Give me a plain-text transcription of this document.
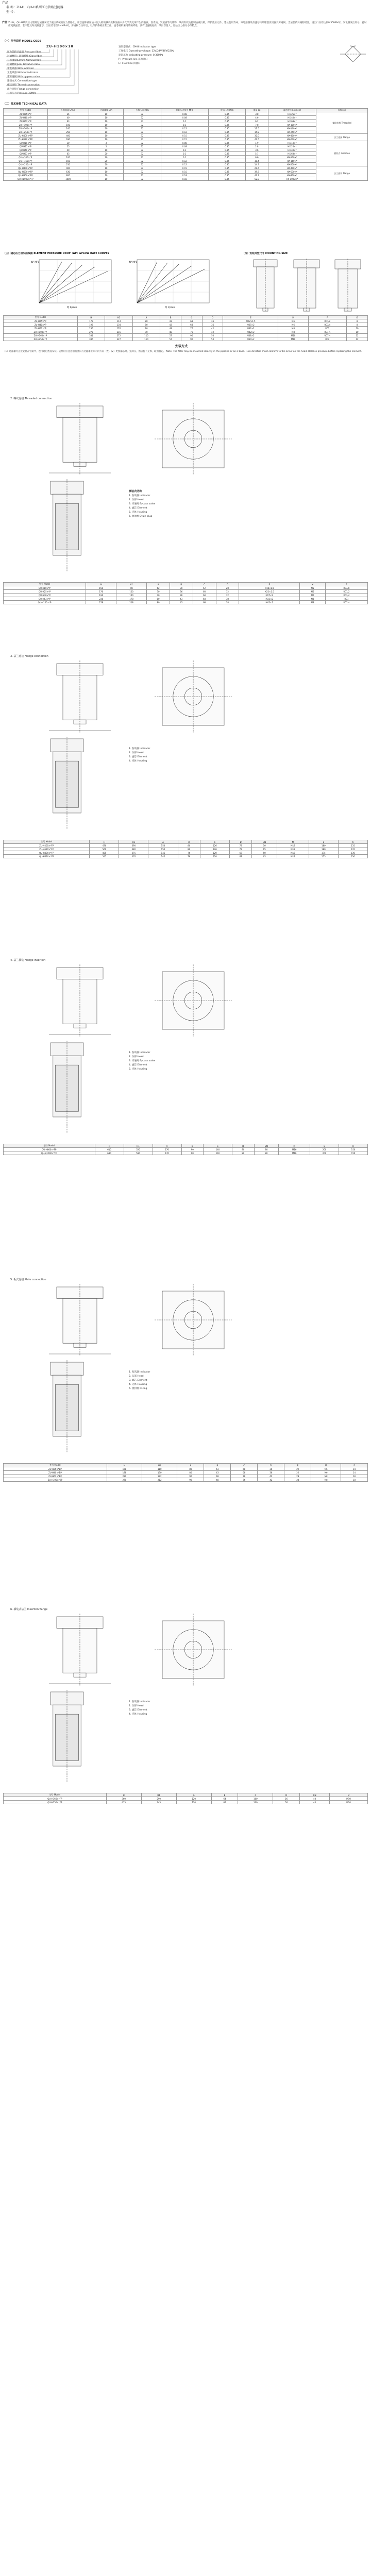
产品
名 称：ZU-H、QU-H系列压力管路过滤器
型 号：
产品：
ZU-H、QU-H系列压力管路过滤器安装于液压系统的压力管路上，用以滤除液压油中混入的机械杂质和油液本身化学变化所产生的胶质、沥青质、炭渣质等污染物，从而有效地控制油液污染，保护液压元件，延长使用寿命。该过滤器设有滤芯污染堵塞发讯器及旁通阀，当滤芯被污染物堵塞，进出口压差达到0.35MPa时，发讯器发出讯号，此时应更换滤芯；若不能及时更换滤芯，当压差增至0.4MPa时，旁通阀自动开启，以保护系统正常工作。滤芯材料采用玻璃纤维，具有过滤精度高、纳污容量大、原始压力损失小等特点。
（一）型号说明 MODEL CODE
ZU-H100×10
压力管路过滤器 Pressure filter
过滤材料：玻璃纤维 Glass fiber
公称流量(L/min) Nominal flow
过滤精度(μm) Filtration ratio
带发讯器 With indicator
无发讯器 Without indicator
带旁通阀 With by-pass valve
连接方式 Connection type
螺纹连接 Thread connection
法兰连接 Flange connection
公称压力 Pressure 32MPa
发讯器型式：CM-Ⅲ Indicator type
工作电压 Operating voltage: 12V/24V/36V/220V
发讯压力 Indicating pressure: 0.35MPa
P：Pressure line 压力油口
L：Flow line 回油口
（二）技术参数 TECHNICAL DATA
型号 Model	公称流量 L/min	过滤精度 μm	公称压力 MPa	原始压力损失 MPa	发讯压力 MPa	重量 kg	滤芯型号 Element	连接方式
ZU-H25×*P	25	10	32	0.08	0.35	3.8	HX-25×*	螺纹连接 Threaded
ZU-H40×*P	40	10	32	0.08	0.35	4.6	HX-40×*	
ZU-H63×*P	63	10	32	0.1	0.35	6.2	HX-63×*	
ZU-H100×*P	100	10	32	0.1	0.35	7.8	HX-100×*	
ZU-H160×*P	160	10	32	0.12	0.35	11.5	HX-160×*	
ZU-H250×*P	250	10	32	0.12	0.35	15.8	HX-250×*	
ZU-H400×*FP	400	10	32	0.15	0.35	32.0	HX-400×*	法兰连接 Flange
ZU-H630×*FP	630	10	32	0.15	0.35	42.5	HX-630×*	
QU-H10×*P	10	3	32	0.08	0.35	1.9	HX-10×*	插装式 Insertion
QU-H25×*P	25	5	32	0.08	0.35	2.8	HX-25×*	
QU-H40×*P	40	10	32	0.1	0.35	3.6	HX-40×*	
QU-H63×*P	63	20	32	0.1	0.35	5.1	HX-63×*	
QU-H100×*P	100	20	32	0.1	0.35	6.6	HX-100×*	
QU-H160×*P	160	20	32	0.12	0.35	10.4	HX-160×*	
QU-H250×*P	250	20	32	0.12	0.35	14.3	HX-250×*	
QU-H400×*FP	400	10	32	0.15	0.35	29.6	HX-400×*	法兰插装 Flange
QU-H630×*FP	630	10	32	0.15	0.35	39.8	HX-630×*	
QU-H800×*FP	800	10	32	0.18	0.35	46.2	HX-800×*	
QU-H1000×*FP	1000	10	32	0.18	0.35	52.0	HX-1000×*	
（三）滤芯压力损失曲线图 ELEMENT PRESSURE DROP（ΔP）&FLOW RATE CURVES	（四）安装外型尺寸 MOUNTING SIZE
Q L/min
ΔP MPa
Q L/min
ΔP MPa
型号 Model	H	H1	A	B	C	D	E	M	F	G
ZU-H25×*P	173	114	80	43	68	36	M22×1.5	M6	RC1/2	8
ZU-H40×*P	193	134	80	43	68	36	M27×2	M6	RC3/4	8
ZU-H63×*P	235	176	90	48	76	42	M33×2	M8	RC1	10
ZU-H100×*P	275	216	90	48	76	42	M42×2	M8	RC1¼	10
ZU-H160×*P	331	272	110	57	90	50	M48×2	M10	RC1½	12
ZU-H250×*P	386	327	110	57	90	50	M60×2	M10	RC2	12
安装方式
（1）过滤器可直接安装在管路中，也可通过底座安装。安装时应注意油液流向与过滤器上标示的方向一致。（2）更换滤芯时，先卸压，然后旋下壳体，取出滤芯。 Note: The filter may be mounted directly in the pipeline or on a base. Flow direction must conform to the arrow on the head. Release pressure before replacing the element.
2. 螺纹连接 Threaded connection
插装式结构
1. 发讯器 Indicator
2. 头部 Head
3. 旁通阀 Bypass valve
4. 滤芯 Element
5. 壳体 Housing
6. 放油塞 Drain plug
型号 Model	H	H1	A	B	C	D	E	M	F
QU-H10×*P	150	98	62	30	52	28	M18×1.5	M5	RC3/8
QU-H25×*P	176	120	70	36	60	32	M22×1.5	M6	RC1/2
QU-H40×*P	196	140	70	36	60	32	M27×2	M6	RC3/4
QU-H63×*P	238	178	80	43	68	38	M33×2	M8	RC1
QU-H100×*P	278	218	80	43	68	38	M42×2	M8	RC1¼
3. 法兰连接 Flange connection
1. 发讯器 Indicator
2. 头部 Head
3. 滤芯 Element
4. 壳体 Housing
型号 Model	H	H1	A	B	C	D	DN	M	L	K
ZU-H400×*FP	470	390	150	80	126	72	50	M12	180	135
ZU-H630×*FP	560	480	150	80	126	72	65	M12	180	135
QU-H400×*FP	455	375	145	76	120	68	50	M12	175	130
QU-H630×*FP	545	465	145	76	120	68	65	M12	175	130
4. 法兰插装 Flange insertion
1. 发讯器 Indicator
2. 头部 Head
3. 旁通阀 Bypass valve
4. 滤芯 Element
5. 壳体 Housing
型号 Model	H	H1	A	B	C	D	DN	M	L	K
QU-H800×*FP	610	520	170	90	140	80	80	M16	200	150
QU-H1000×*FP	680	590	170	90	140	80	80	M16	200	150
5. 板式连接 Plate connection
1. 发讯器 Indicator
2. 头部 Head
3. 滤芯 Element
4. 壳体 Housing
5. 密封圈 O-ring
型号 Model	H	H1	A	B	C	D	E	M	F
ZU-H25×*BP	168	110	80	43	68	36	22	M6	14
ZU-H40×*BP	188	130	80	43	68	36	22	M6	14
ZU-H63×*BP	230	172	90	48	76	42	28	M8	18
ZU-H100×*BP	270	212	90	48	76	42	28	M8	18
6. 插装式法兰 Insertion flange
1. 发讯器 Indicator
2. 头部 Head
3. 滤芯 Element
4. 壳体 Housing
型号 Model	H	H1	A	B	C	D	DN	M
QU-H160×*FP	360	290	120	64	100	56	40	M10
QU-H250×*FP	415	345	120	64	100	56	40	M10
